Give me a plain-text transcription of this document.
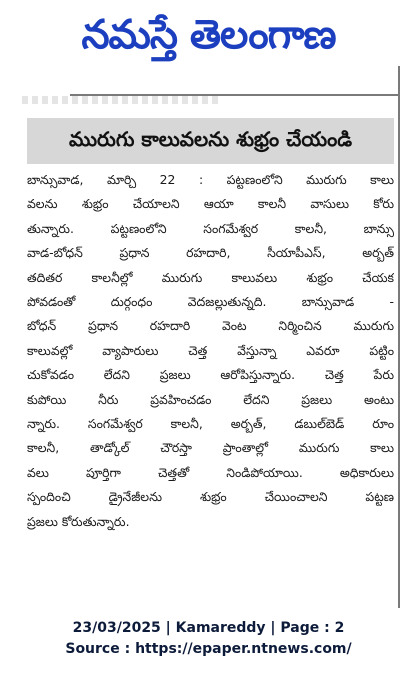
నమస్తే తెలంగాణ
మురుగు కాలువలను శుభ్రం చేయండి
బాన్సువాడ, మార్చి 22 : పట్టణంలోని మురుగు కాలు
వలను శుభ్రం చేయాలని ఆయా కాలనీ వాసులు కోరు
తున్నారు. పట్టణంలోని సంగమేశ్వర కాలనీ, బాన్సు
వాడ-బోధన్ ప్రధాన రహదారి, సీయాపీఎస్, అర్బత్
తదితర కాలనీల్లో మురుగు కాలువలు శుభ్రం చేయక
పోవడంతో దుర్గంధం వెదజల్లుతున్నది. బాన్సువాడ -
బోధన్ ప్రధాన రహదారి వెంట నిర్మించిన మురుగు
కాలువల్లో వ్యాపారులు చెత్త వేస్తున్నా ఎవరూ పట్టిం
చుకోవడం లేదని ప్రజలు ఆరోపిస్తున్నారు. చెత్త పేరు
కుపోయి నీరు ప్రవహించడం లేదని ప్రజలు అంటు
న్నారు. సంగమేశ్వర కాలనీ, అర్బత్, డబుల్‌బెడ్ రూం
కాలనీ, తాడ్కోల్ చౌరస్తా ప్రాంతాల్లో మురుగు కాలు
వలు పూర్తిగా చెత్తతో నిండిపోయాయి. అధికారులు
స్పందించి డ్రైనేజీలను శుభ్రం చేయించాలని పట్టణ
ప్రజలు కోరుతున్నారు.
23/03/2025 | Kamareddy | Page : 2
Source : https://epaper.ntnews.com/
